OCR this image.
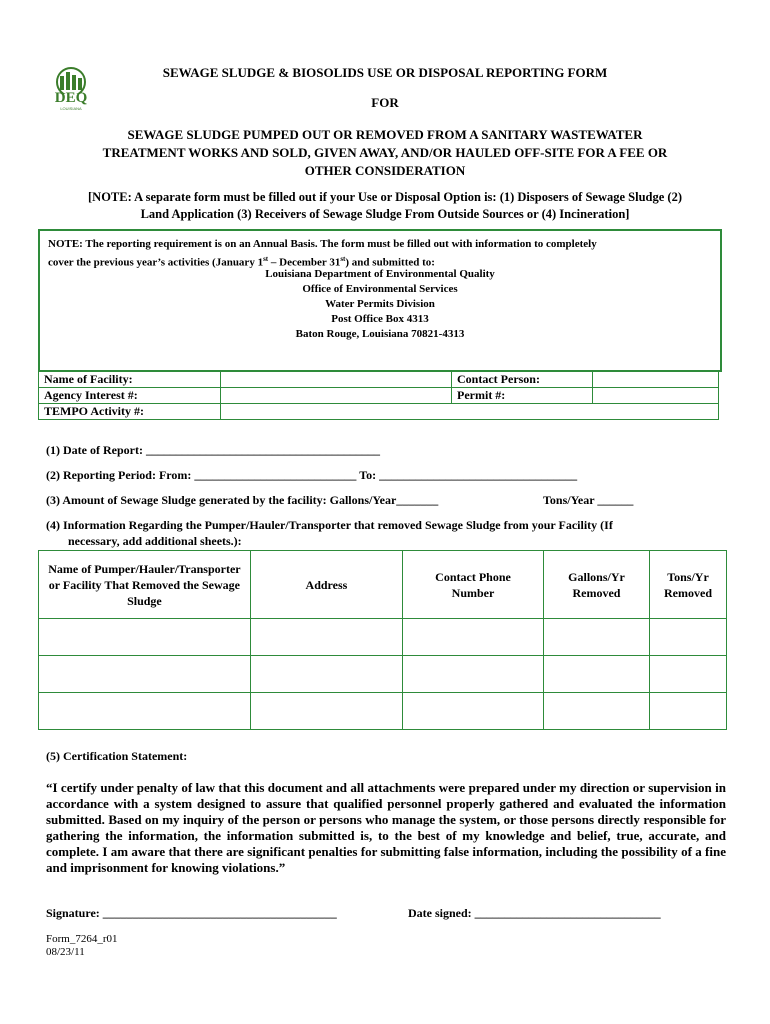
DEQ
LOUISIANA
SEWAGE SLUDGE & BIOSOLIDS USE OR DISPOSAL REPORTING FORM
FOR
SEWAGE SLUDGE PUMPED OUT OR REMOVED FROM A SANITARY WASTEWATER TREATMENT WORKS AND SOLD, GIVEN AWAY, AND/OR HAULED OFF-SITE FOR A FEE OR OTHER CONSIDERATION
[NOTE: A separate form must be filled out if your Use or Disposal Option is: (1) Disposers of Sewage Sludge (2)
Land Application (3) Receivers of Sewage Sludge From Outside Sources or (4) Incineration]
NOTE: The reporting requirement is on an Annual Basis. The form must be filled out with information to completely
cover the previous year’s activities (January 1st – December 31st) and submitted to:
Louisiana Department of Environmental Quality
Office of Environmental Services
Water Permits Division
Post Office Box 4313
Baton Rouge, Louisiana 70821-4313
Name of Facility:		Contact Person:	
Agency Interest #:		Permit #:	
TEMPO Activity #:			
(1) Date of Report: _______________________________________
(2) Reporting Period: From: ___________________________ To: _________________________________
(3) Amount of Sewage Sludge generated by the facility: Gallons/Year_______	Tons/Year ______
(4) Information Regarding the Pumper/Hauler/Transporter that removed Sewage Sludge from your Facility (If
necessary, add additional sheets.):
Name of Pumper/Hauler/Transporter or Facility That Removed the Sewage Sludge	Address	Contact Phone Number	Gallons/Yr Removed	Tons/Yr Removed

(5) Certification Statement:
“I certify under penalty of law that this document and all attachments were prepared under my direction or supervision in accordance with a system designed to assure that qualified personnel properly gathered and evaluated the information submitted. Based on my inquiry of the person or persons who manage the system, or those persons directly responsible for gathering the information, the information submitted is, to the best of my knowledge and belief, true, accurate, and complete. I am aware that there are significant penalties for submitting false information, including the possibility of a fine and imprisonment for knowing violations.”
Signature: _______________________________________	Date signed: _______________________________
Form_7264_r01
08/23/11
